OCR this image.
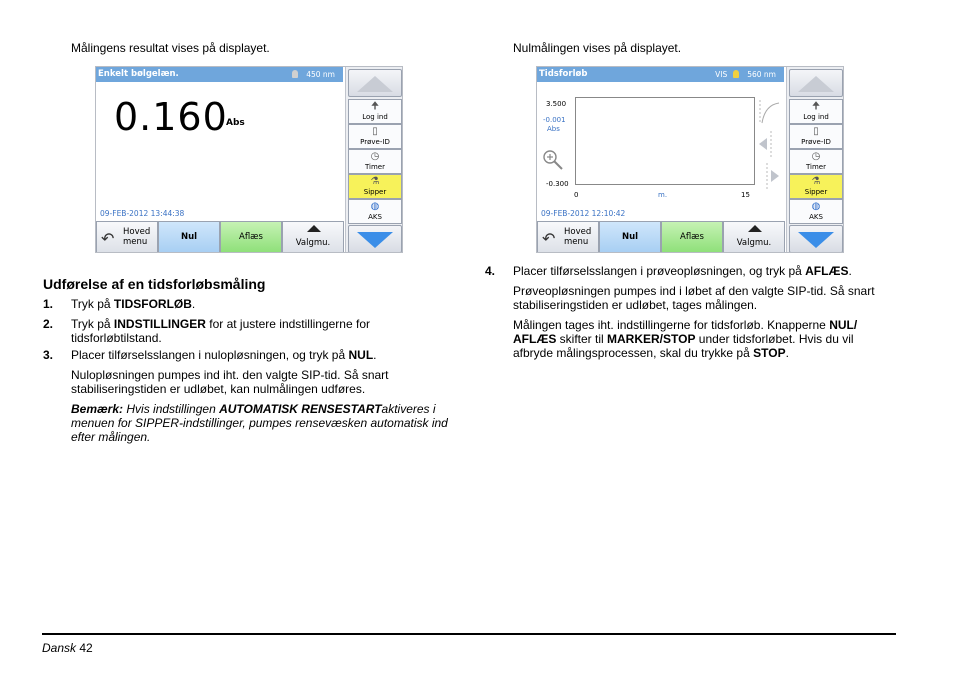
Målingens resultat vises på displayet.
Enkelt bølgelæn.	450 nm
0.160
Abs
09-FEB-2012 13:44:38
↶ Hoved
menu	Nul	Aflæs
Valgmu.
🠉
Log ind
▯
Prøve-ID
◷
Timer
⚗
Sipper
◍
AKS
Udførelse af en tidsforløbsmåling
1. Tryk på TIDSFORLØB.
2. Tryk på INDSTILLINGER for at justere indstillingerne for tidsforløbtilstand.
3. Placer tilførselsslangen i nulopløsningen, og tryk på NUL.
Nulopløsningen pumpes ind iht. den valgte SIP-tid. Så snart stabiliseringstiden er udløbet, kan nulmålingen udføres.
Bemærk: Hvis indstillingen AUTOMATISK RENSESTARTaktiveres i menuen for SIPPER-indstillinger, pumpes rensevæsken automatisk ind efter målingen.
Nulmålingen vises på displayet.
Tidsforløb	VIS	560 nm
3.500
-0.001
Abs
-0.300
0	m.	15
09-FEB-2012 12:10:42
↶ Hoved
menu	Nul	Aflæs
Valgmu.
🠉
Log ind
▯
Prøve-ID
◷
Timer
⚗
Sipper
◍
AKS
4. Placer tilførselsslangen i prøveopløsningen, og tryk på AFLÆS.
Prøveopløsningen pumpes ind i løbet af den valgte SIP-tid. Så snart stabiliseringstiden er udløbet, tages målingen.
Målingen tages iht. indstillingerne for tidsforløb. Knapperne NUL/ AFLÆS skifter til MARKER/STOP under tidsforløbet. Hvis du vil afbryde målingsprocessen, skal du trykke på STOP.
Dansk 42
